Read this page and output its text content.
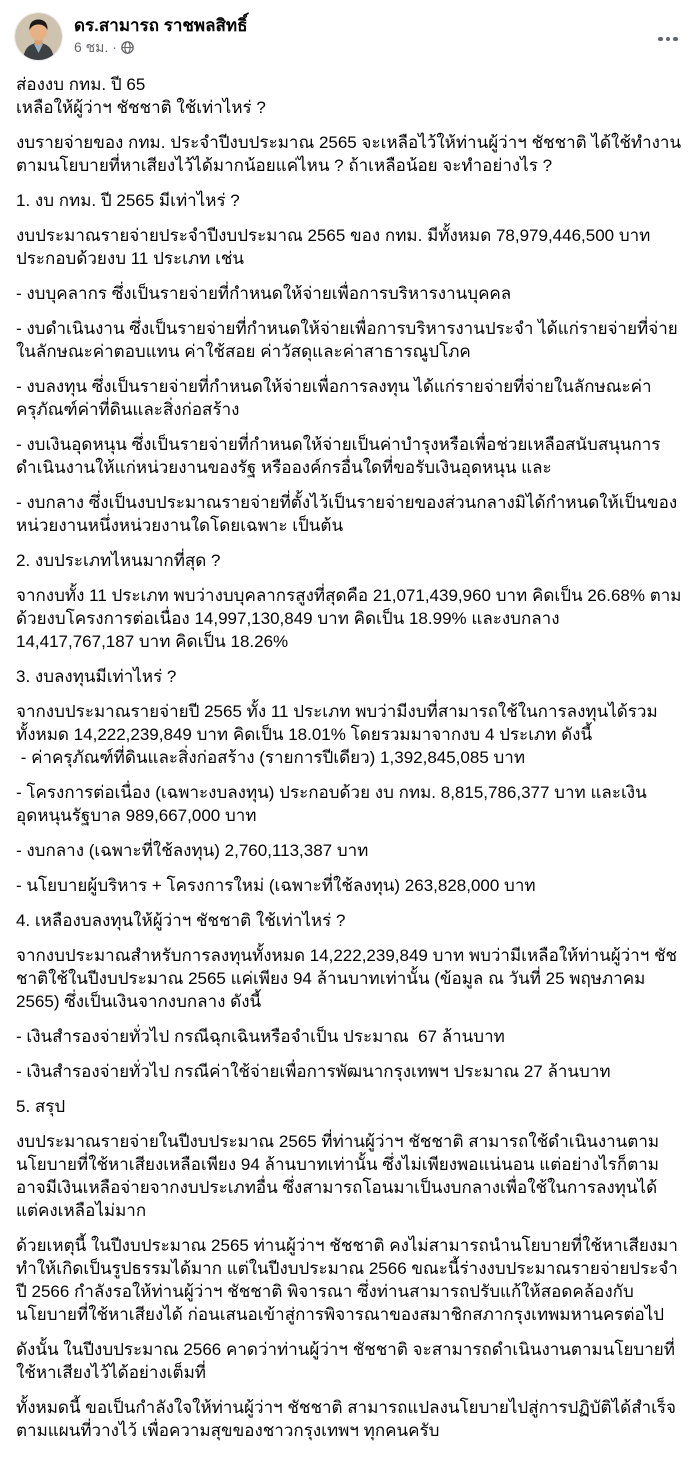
ดร.สามารถ ราชพลสิทธิ์
6 ชม. ·

ส่องงบ กทม. ปี 65
เหลือให้ผู้ว่าฯ ชัชชาติ ใช้เท่าไหร่ ?

งบรายจ่ายของ กทม. ประจำปีงบประมาณ 2565 จะเหลือไว้ให้ท่านผู้ว่าฯ ชัชชาติ ได้ใช้ทำงานตามนโยบายที่หาเสียงไว้ได้มากน้อยแค่ไหน ? ถ้าเหลือน้อย จะทำอย่างไร ?

1. งบ กทม. ปี 2565 มีเท่าไหร่ ?

งบประมาณรายจ่ายประจำปีงบประมาณ 2565 ของ กทม. มีทั้งหมด 78,979,446,500 บาท ประกอบด้วยงบ 11 ประเภท เช่น

- งบบุคลากร ซึ่งเป็นรายจ่ายที่กำหนดให้จ่ายเพื่อการบริหารงานบุคคล

- งบดำเนินงาน ซึ่งเป็นรายจ่ายที่กำหนดให้จ่ายเพื่อการบริหารงานประจำ ได้แก่รายจ่ายที่จ่ายในลักษณะค่าตอบแทน ค่าใช้สอย ค่าวัสดุและค่าสาธารณูปโภค

- งบลงทุน ซึ่งเป็นรายจ่ายที่กำหนดให้จ่ายเพื่อการลงทุน ได้แก่รายจ่ายที่จ่ายในลักษณะค่าครุภัณฑ์ค่าที่ดินและสิ่งก่อสร้าง

- งบเงินอุดหนุน ซึ่งเป็นรายจ่ายที่กำหนดให้จ่ายเป็นค่าบำรุงหรือเพื่อช่วยเหลือสนับสนุนการดำเนินงานให้แก่หน่วยงานของรัฐ หรือองค์กรอื่นใดที่ขอรับเงินอุดหนุน และ

- งบกลาง ซึ่งเป็นงบประมาณรายจ่ายที่ตั้งไว้เป็นรายจ่ายของส่วนกลางมิได้กำหนดให้เป็นของหน่วยงานหนึ่งหน่วยงานใดโดยเฉพาะ เป็นต้น

2. งบประเภทไหนมากที่สุด ?

จากงบทั้ง 11 ประเภท พบว่างบบุคลากรสูงที่สุดคือ 21,071,439,960 บาท คิดเป็น 26.68% ตามด้วยงบโครงการต่อเนื่อง 14,997,130,849 บาท คิดเป็น 18.99% และงบกลาง 14,417,767,187 บาท คิดเป็น 18.26%

3. งบลงทุนมีเท่าไหร่ ?

จากงบประมาณรายจ่ายปี 2565 ทั้ง 11 ประเภท พบว่ามีงบที่สามารถใช้ในการลงทุนได้รวมทั้งหมด 14,222,239,849 บาท คิดเป็น 18.01% โดยรวมมาจากงบ 4 ประเภท ดังนี้
- ค่าครุภัณฑ์ที่ดินและสิ่งก่อสร้าง (รายการปีเดียว) 1,392,845,085 บาท

- โครงการต่อเนื่อง (เฉพาะงบลงทุน) ประกอบด้วย งบ กทม. 8,815,786,377 บาท และเงินอุดหนุนรัฐบาล 989,667,000 บาท

- งบกลาง (เฉพาะที่ใช้ลงทุน) 2,760,113,387 บาท

- นโยบายผู้บริหาร + โครงการใหม่ (เฉพาะที่ใช้ลงทุน) 263,828,000 บาท

4. เหลืองบลงทุนให้ผู้ว่าฯ ชัชชาติ ใช้เท่าไหร่ ?

จากงบประมาณสำหรับการลงทุนทั้งหมด 14,222,239,849 บาท พบว่ามีเหลือให้ท่านผู้ว่าฯ ชัชชาติใช้ในปีงบประมาณ 2565 แค่เพียง 94 ล้านบาทเท่านั้น (ข้อมูล ณ วันที่ 25 พฤษภาคม 2565) ซึ่งเป็นเงินจากงบกลาง ดังนี้

- เงินสำรองจ่ายทั่วไป กรณีฉุกเฉินหรือจำเป็น ประมาณ  67 ล้านบาท

- เงินสำรองจ่ายทั่วไป กรณีค่าใช้จ่ายเพื่อการพัฒนากรุงเทพฯ ประมาณ 27 ล้านบาท

5. สรุป

งบประมาณรายจ่ายในปีงบประมาณ 2565 ที่ท่านผู้ว่าฯ ชัชชาติ สามารถใช้ดำเนินงานตามนโยบายที่ใช้หาเสียงเหลือเพียง 94 ล้านบาทเท่านั้น ซึ่งไม่เพียงพอแน่นอน แต่อย่างไรก็ตามอาจมีเงินเหลือจ่ายจากงบประเภทอื่น ซึ่งสามารถโอนมาเป็นงบกลางเพื่อใช้ในการลงทุนได้ แต่คงเหลือไม่มาก

ด้วยเหตุนี้ ในปีงบประมาณ 2565 ท่านผู้ว่าฯ ชัชชาติ คงไม่สามารถนำนโยบายที่ใช้หาเสียงมาทำให้เกิดเป็นรูปธรรมได้มาก แต่ในปีงบประมาณ 2566 ขณะนี้ร่างงบประมาณรายจ่ายประจำปี 2566 กำลังรอให้ท่านผู้ว่าฯ ชัชชาติ พิจารณา ซึ่งท่านสามารถปรับแก้ให้สอดคล้องกับนโยบายที่ใช้หาเสียงได้ ก่อนเสนอเข้าสู่การพิจารณาของสมาชิกสภากรุงเทพมหานครต่อไป

ดังนั้น ในปีงบประมาณ 2566 คาดว่าท่านผู้ว่าฯ ชัชชาติ จะสามารถดำเนินงานตามนโยบายที่ใช้หาเสียงไว้ได้อย่างเต็มที่

ทั้งหมดนี้ ขอเป็นกำลังใจให้ท่านผู้ว่าฯ ชัชชาติ สามารถแปลงนโยบายไปสู่การปฏิบัติได้สำเร็จตามแผนที่วางไว้ เพื่อความสุขของชาวกรุงเทพฯ ทุกคนครับ
